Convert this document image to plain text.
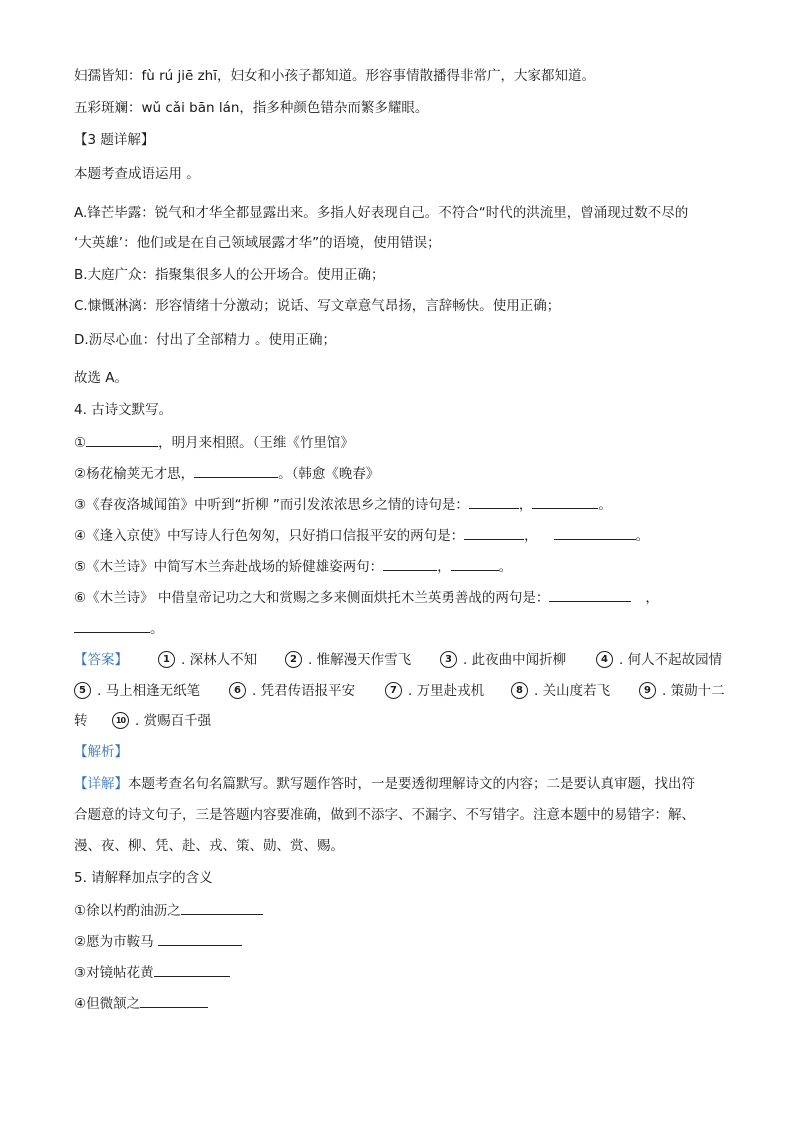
妇孺皆知：fù rú jiē zhī，妇女和小孩子都知道。形容事情散播得非常广，大家都知道。
五彩斑斓：wǔ cǎi bān lán，指多种颜色错杂而繁多耀眼。
【3 题详解】
本题考查成语运用 。
A.锋芒毕露：锐气和才华全都显露出来。多指人好表现自己。不符合“时代的洪流里，曾涌现过数不尽的
‘大英雄’：他们或是在自己领域展露才华”的语境，使用错误；
B.大庭广众：指聚集很多人的公开场合。使用正确；
C.慷慨淋漓：形容情绪十分激动；说话、写文章意气昂扬，言辞畅快。使用正确；
D.沥尽心血：付出了全部精力 。使用正确；
故选 A。
4. 古诗文默写。
①	，明月来相照。（王维《竹里馆》
②杨花榆荚无才思，	。（韩愈《晚春》
③《春夜洛城闻笛》中听到“折柳 ”而引发浓浓思乡之情的诗句是：	，	。
④《逢入京使》中写诗人行色匆匆，只好捎口信报平安的两句是：	，	。
⑤《木兰诗》中简写木兰奔赴战场的矫健雄姿两句：	，	。
⑥《木兰诗》 中借皇帝记功之大和赏赐之多来侧面烘托木兰英勇善战的两句是：	，
。
【答案】	1 . 深林人不知	2 . 惟解漫天作雪飞	3 . 此夜曲中闻折柳	4 . 何人不起故园情
5 . 马上相逢无纸笔	6 . 凭君传语报平安	7 . 万里赴戎机	8 . 关山度若飞	9 . 策勋十二
转	10 . 赏赐百千强
【解析】
【详解】本题考查名句名篇默写。默写题作答时，一是要透彻理解诗文的内容；二是要认真审题，找出符
合题意的诗文句子，三是答题内容要准确，做到不添字、不漏字、不写错字。注意本题中的易错字：解、
漫、夜、柳、凭、赴、戎、策、勋、赏、赐。
5. 请解释加点字的含义
①徐以杓酌油沥之
②愿为市鞍马
③对镜帖花黄
④但微颔之
